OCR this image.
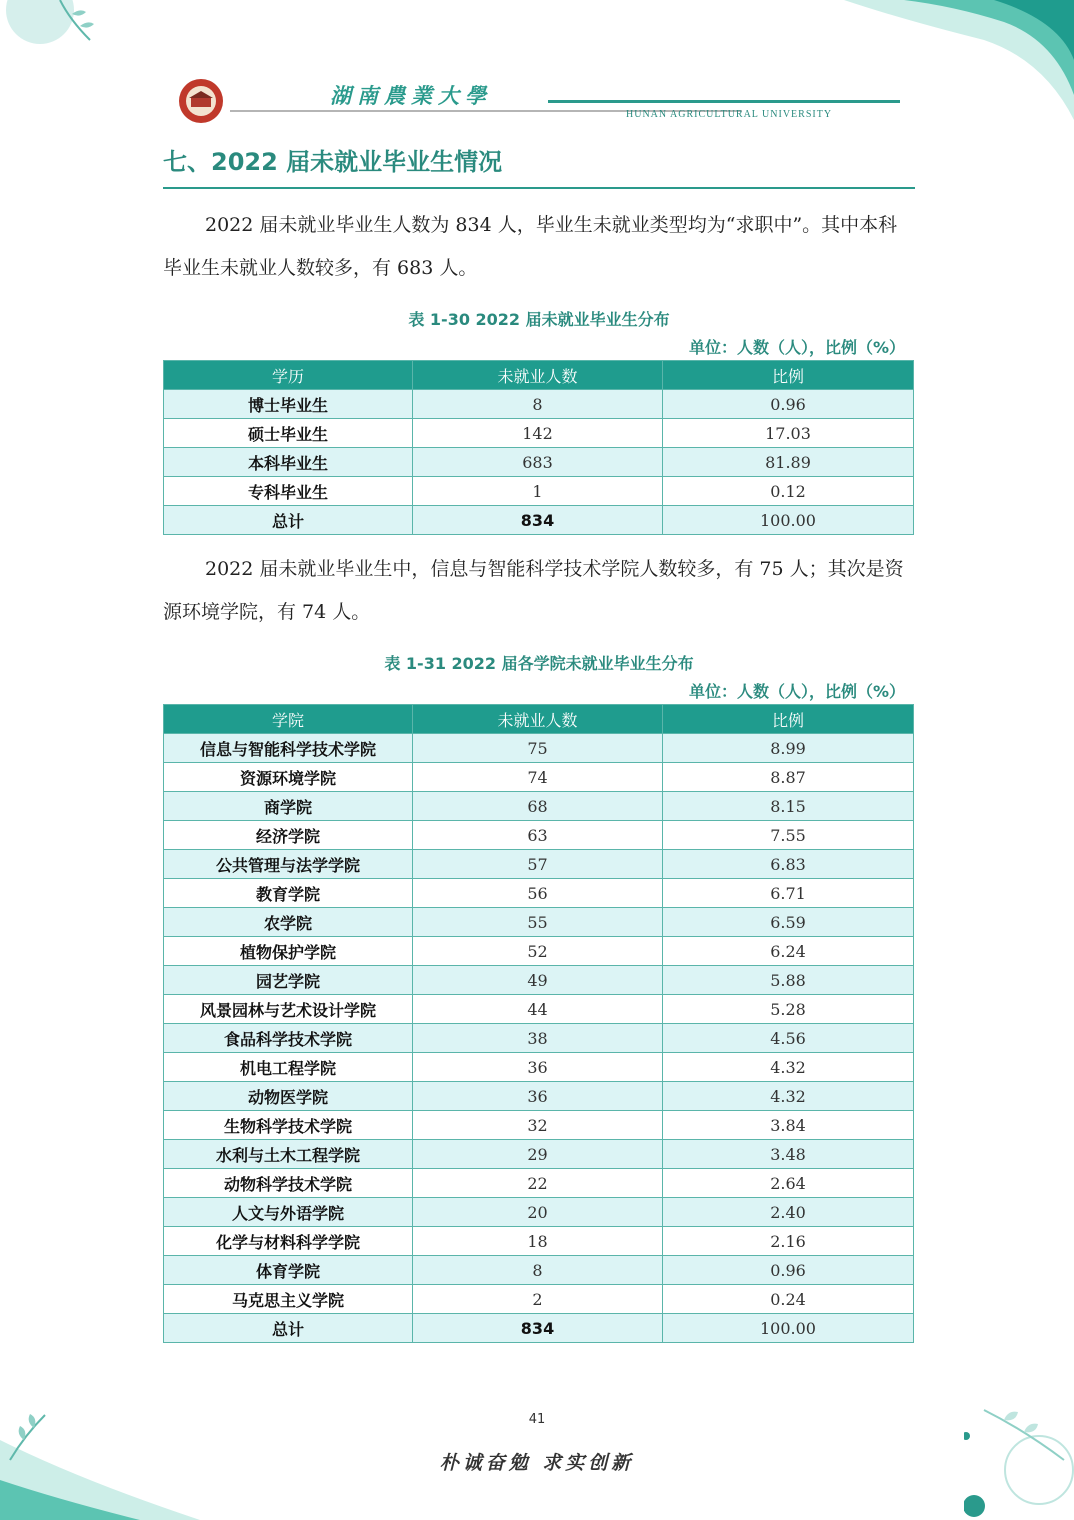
湖南農業大學
HUNAN AGRICULTURAL UNIVERSITY
七、2022 届未就业毕业生情况

2022 届未就业毕业生人数为 834 人，毕业生未就业类型均为“求职中”。其中本科毕业生未就业人数较多，有 683 人。

表 1-30 2022 届未就业毕业生分布
单位：人数（人），比例（%）
学历	未就业人数	比例
博士毕业生	8	0.96
硕士毕业生	142	17.03
本科毕业生	683	81.89
专科毕业生	1	0.12
总计	834	100.00

2022 届未就业毕业生中，信息与智能科学技术学院人数较多，有 75 人；其次是资源环境学院，有 74 人。

表 1-31 2022 届各学院未就业毕业生分布
单位：人数（人），比例（%）
学院	未就业人数	比例
信息与智能科学技术学院	75	8.99
资源环境学院	74	8.87
商学院	68	8.15
经济学院	63	7.55
公共管理与法学学院	57	6.83
教育学院	56	6.71
农学院	55	6.59
植物保护学院	52	6.24
园艺学院	49	5.88
风景园林与艺术设计学院	44	5.28
食品科学技术学院	38	4.56
机电工程学院	36	4.32
动物医学院	36	4.32
生物科学技术学院	32	3.84
水利与土木工程学院	29	3.48
动物科学技术学院	22	2.64
人文与外语学院	20	2.40
化学与材料科学学院	18	2.16
体育学院	8	0.96
马克思主义学院	2	0.24
总计	834	100.00
41
朴诚奋勉 求实创新
